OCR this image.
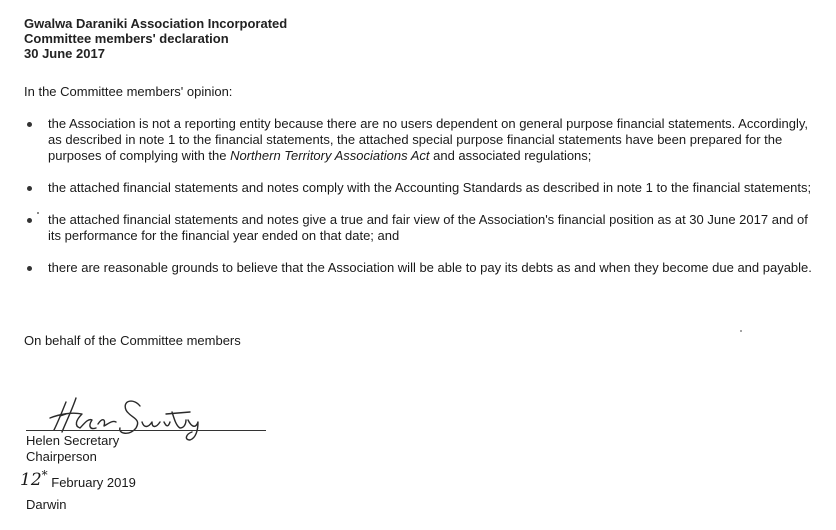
Gwalwa Daraniki Association Incorporated
Committee members' declaration
30 June 2017
In the Committee members' opinion:
the Association is not a reporting entity because there are no users dependent on general purpose financial statements. Accordingly, as described in note 1 to the financial statements, the attached special purpose financial statements have been prepared for the purposes of complying with the Northern Territory Associations Act and associated regulations;
the attached financial statements and notes comply with the Accounting Standards as described in note 1 to the financial statements;
the attached financial statements and notes give a true and fair view of the Association's financial position as at 30 June 2017 and of its performance for the financial year ended on that date; and
there are reasonable grounds to believe that the Association will be able to pay its debts as and when they become due and payable.
On behalf of the Committee members
Helen Secretary
Chairperson
12* February 2019
Darwin
